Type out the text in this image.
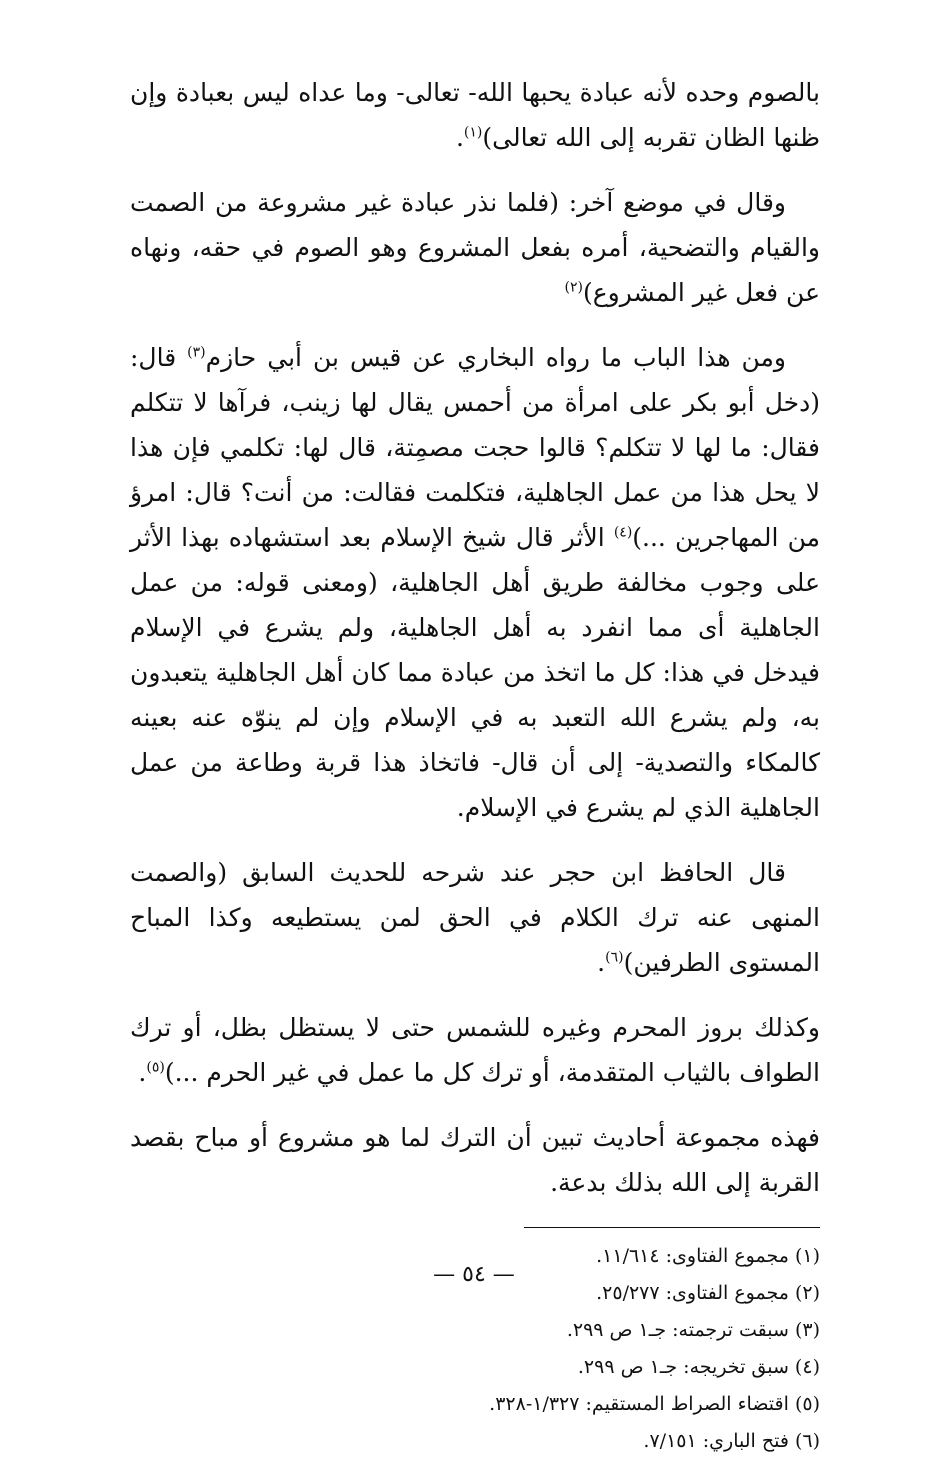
بالصوم وحده لأنه عبادة يحبها الله- تعالى- وما عداه ليس بعبادة وإن ظنها الظان تقربه إلى الله تعالى)$^{(١)}$.

وقال في موضع آخر: (فلما نذر عبادة غير مشروعة من الصمت والقيام والتضحية، أمره بفعل المشروع وهو الصوم في حقه، ونهاه عن فعل غير المشروع)$^{(٢)}$

ومن هذا الباب ما رواه البخاري عن قيس بن أبي حازم$^{(٣)}$ قال: (دخل أبو بكر على امرأة من أحمس يقال لها زينب، فرآها لا تتكلم فقال: ما لها لا تتكلم؟ قالوا حجت مصمِتة، قال لها: تكلمي فإن هذا لا يحل هذا من عمل الجاهلية، فتكلمت فقالت: من أنت؟ قال: امرؤ من المهاجرين ...)$^{(٤)}$ الأثر قال شيخ الإسلام بعد استشهاده بهذا الأثر على وجوب مخالفة طريق أهل الجاهلية، (ومعنى قوله: من عمل الجاهلية أى مما انفرد به أهل الجاهلية، ولم يشرع في الإسلام فيدخل في هذا: كل ما اتخذ من عبادة مما كان أهل الجاهلية يتعبدون به، ولم يشرع الله التعبد به في الإسلام وإن لم ينوّه عنه بعينه كالمكاء والتصدية- إلى أن قال- فاتخاذ هذا قربة وطاعة من عمل الجاهلية الذي لم يشرع في الإسلام.

قال الحافظ ابن حجر عند شرحه للحديث السابق (والصمت المنهى عنه ترك الكلام في الحق لمن يستطيعه وكذا المباح المستوى الطرفين)$^{(٦)}$.

وكذلك بروز المحرم وغيره للشمس حتى لا يستظل بظل، أو ترك الطواف بالثياب المتقدمة، أو ترك كل ما عمل في غير الحرم ...)$^{(٥)}$.

فهذه مجموعة أحاديث تبين أن الترك لما هو مشروع أو مباح بقصد القربة إلى الله بذلك بدعة.

(١) مجموع الفتاوى: ١١/٦١٤.
(٢) مجموع الفتاوى: ٢٥/٢٧٧.
(٣) سبقت ترجمته: جـ١ ص ٢٩٩.
(٤) سبق تخريجه: جـ١ ص ٢٩٩.
(٥) اقتضاء الصراط المستقيم: ١/٣٢٧-٣٢٨.
(٦) فتح الباري: ٧/١٥١.
— ٥٤ —
